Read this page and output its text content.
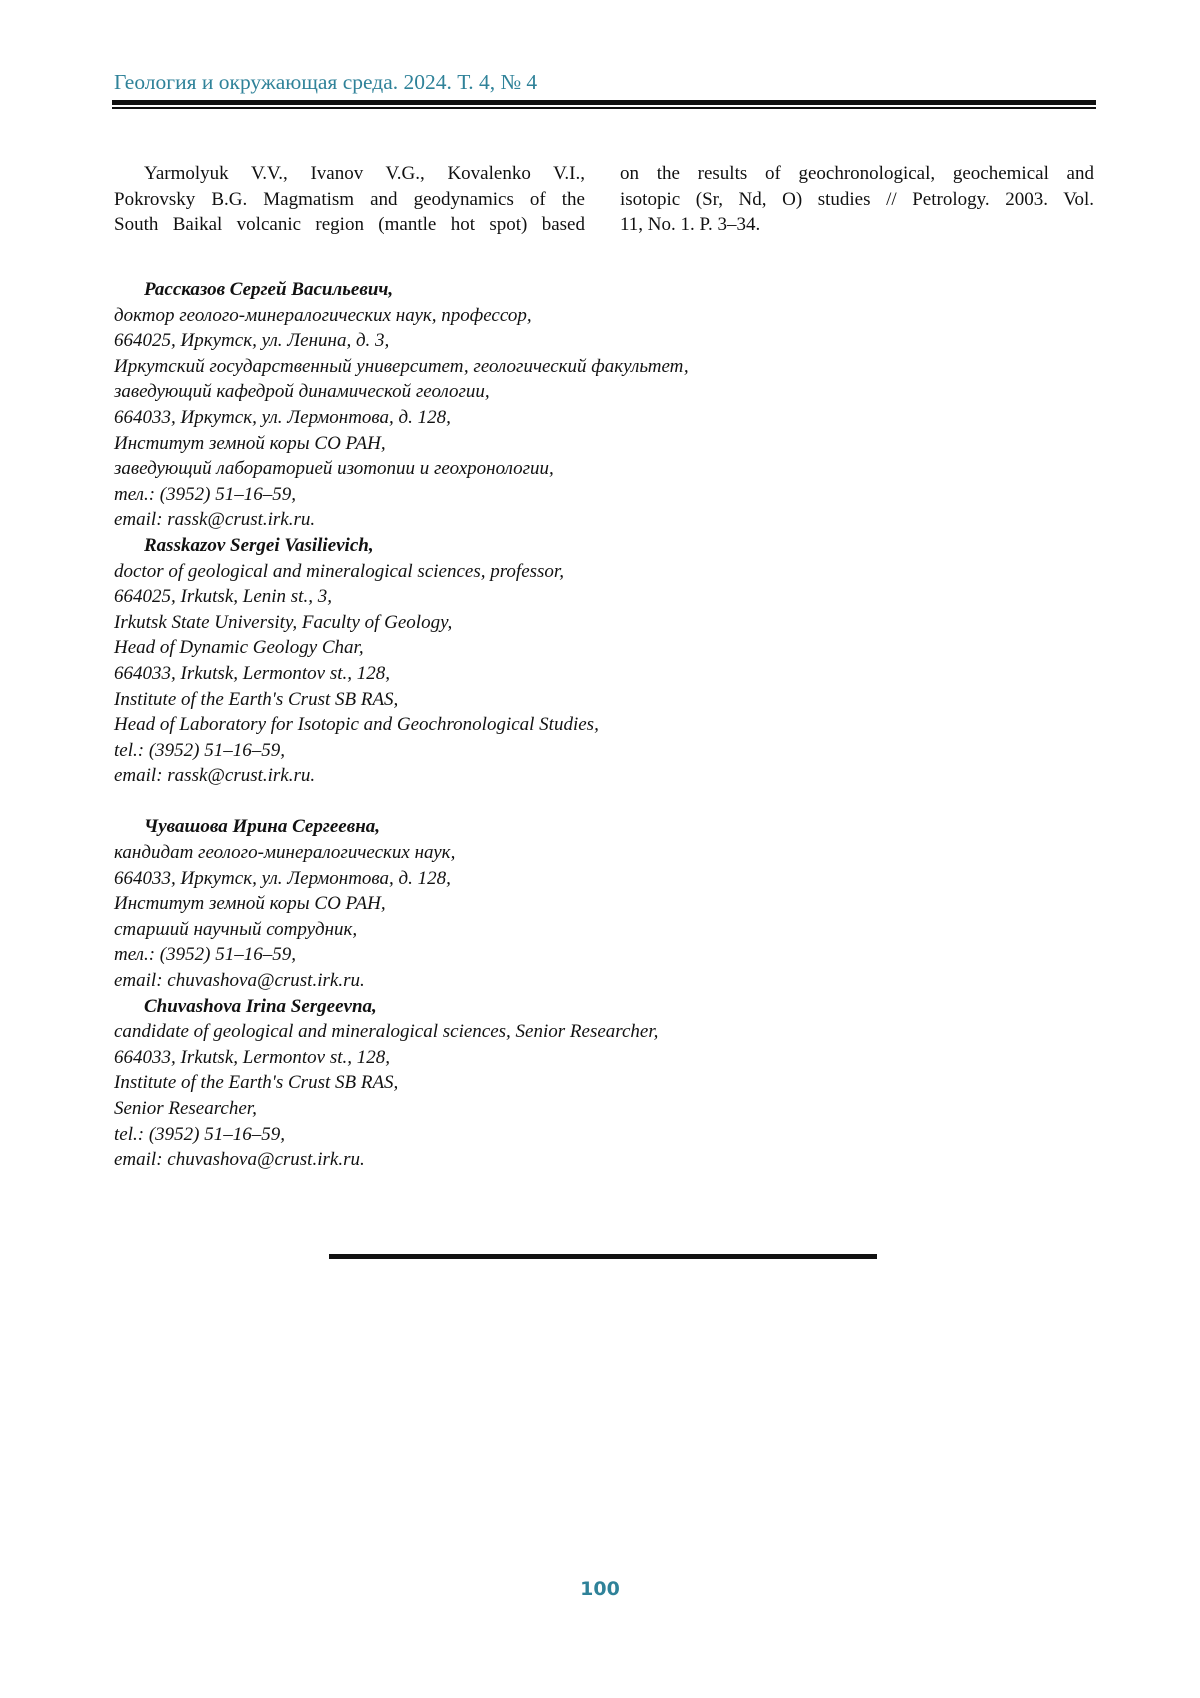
Геология и окружающая среда. 2024. Т. 4, № 4
Yarmolyuk V.V., Ivanov V.G., Kovalenko V.I.,
Pokrovsky B.G. Magmatism and geodynamics of the
South Baikal volcanic region (mantle hot spot) based
on the results of geochronological, geochemical and
isotopic (Sr, Nd, O) studies // Petrology. 2003. Vol.
11, No. 1. P. 3–34.
Рассказов Сергей Васильевич,
доктор геолого-минералогических наук, профессор,
664025, Иркутск, ул. Ленина, д. 3,
Иркутский государственный университет, геологический факультет,
заведующий кафедрой динамической геологии,
664033, Иркутск, ул. Лермонтова, д. 128,
Институт земной коры СО РАН,
заведующий лабораторией изотопии и геохронологии,
тел.: (3952) 51–16–59,
email: rassk@crust.irk.ru.
Rasskazov Sergei Vasilievich,
doctor of geological and mineralogical sciences, professor,
664025, Irkutsk, Lenin st., 3,
Irkutsk State University, Faculty of Geology,
Head of Dynamic Geology Char,
664033, Irkutsk, Lermontov st., 128,
Institute of the Earth's Crust SB RAS,
Head of Laboratory for Isotopic and Geochronological Studies,
tel.: (3952) 51–16–59,
email: rassk@crust.irk.ru.
Чувашова Ирина Сергеевна,
кандидат геолого-минералогических наук,
664033, Иркутск, ул. Лермонтова, д. 128,
Институт земной коры СО РАН,
старший научный сотрудник,
тел.: (3952) 51–16–59,
email: chuvashova@crust.irk.ru.
Chuvashova Irina Sergeevna,
candidate of geological and mineralogical sciences, Senior Researcher,
664033, Irkutsk, Lermontov st., 128,
Institute of the Earth's Crust SB RAS,
Senior Researcher,
tel.: (3952) 51–16–59,
email: chuvashova@crust.irk.ru.
100
